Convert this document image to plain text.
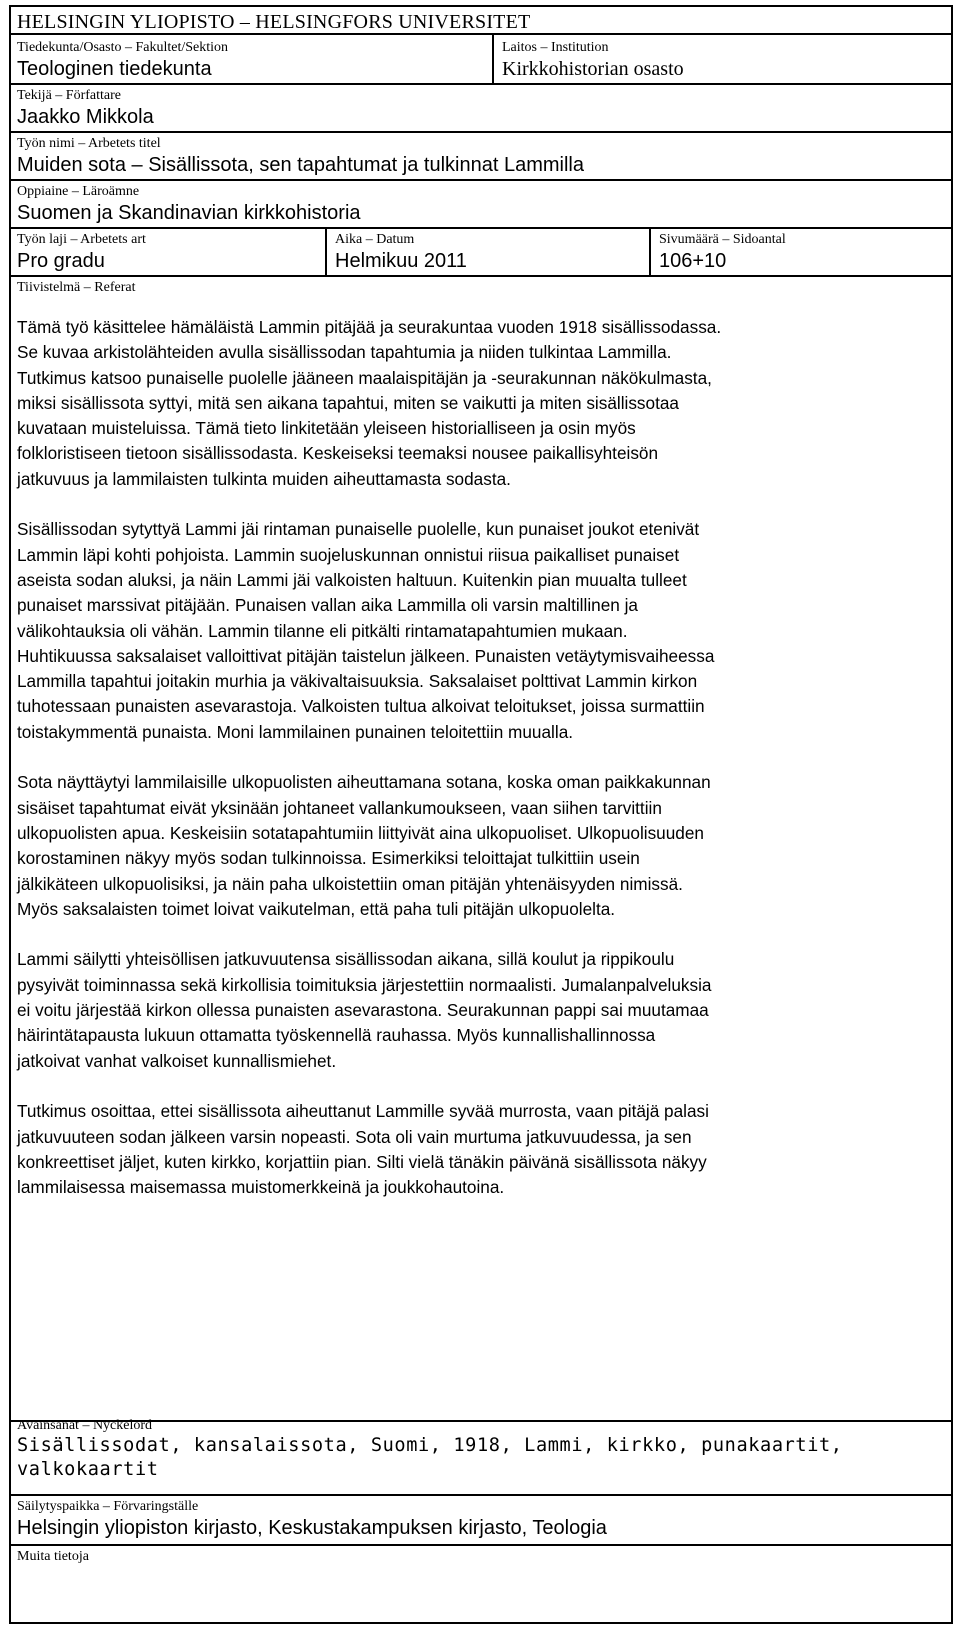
HELSINGIN YLIOPISTO – HELSINGFORS UNIVERSITET
Tiedekunta/Osasto – Fakultet/Sektion
Teologinen tiedekunta
Laitos – Institution
Kirkkohistorian osasto
Tekijä – Författare
Jaakko Mikkola
Työn nimi – Arbetets titel
Muiden sota – Sisällissota, sen tapahtumat ja tulkinnat Lammilla
Oppiaine – Läroämne
Suomen ja Skandinavian kirkkohistoria
Työn laji – Arbetets art
Pro gradu
Aika – Datum
Helmikuu 2011
Sivumäärä – Sidoantal
106+10
Tiivistelmä – Referat

Tämä työ käsittelee hämäläistä Lammin pitäjää ja seurakuntaa vuoden 1918 sisällissodassa.
Se kuvaa arkistolähteiden avulla sisällissodan tapahtumia ja niiden tulkintaa Lammilla.
Tutkimus katsoo punaiselle puolelle jääneen maalaispitäjän ja -seurakunnan näkökulmasta,
miksi sisällissota syttyi, mitä sen aikana tapahtui, miten se vaikutti ja miten sisällissotaa
kuvataan muisteluissa. Tämä tieto linkitetään yleiseen historialliseen ja osin myös
folkloristiseen tietoon sisällissodasta. Keskeiseksi teemaksi nousee paikallisyhteisön
jatkuvuus ja lammilaisten tulkinta muiden aiheuttamasta sodasta.

Sisällissodan sytyttyä Lammi jäi rintaman punaiselle puolelle, kun punaiset joukot etenivät
Lammin läpi kohti pohjoista. Lammin suojeluskunnan onnistui riisua paikalliset punaiset
aseista sodan aluksi, ja näin Lammi jäi valkoisten haltuun. Kuitenkin pian muualta tulleet
punaiset marssivat pitäjään. Punaisen vallan aika Lammilla oli varsin maltillinen ja
välikohtauksia oli vähän. Lammin tilanne eli pitkälti rintamatapahtumien mukaan.
Huhtikuussa saksalaiset valloittivat pitäjän taistelun jälkeen. Punaisten vetäytymisvaiheessa
Lammilla tapahtui joitakin murhia ja väkivaltaisuuksia. Saksalaiset polttivat Lammin kirkon
tuhotessaan punaisten asevarastoja. Valkoisten tultua alkoivat teloitukset, joissa surmattiin
toistakymmentä punaista. Moni lammilainen punainen teloitettiin muualla.

Sota näyttäytyi lammilaisille ulkopuolisten aiheuttamana sotana, koska oman paikkakunnan
sisäiset tapahtumat eivät yksinään johtaneet vallankumoukseen, vaan siihen tarvittiin
ulkopuolisten apua. Keskeisiin sotatapahtumiin liittyivät aina ulkopuoliset. Ulkopuolisuuden
korostaminen näkyy myös sodan tulkinnoissa. Esimerkiksi teloittajat tulkittiin usein
jälkikäteen ulkopuolisiksi, ja näin paha ulkoistettiin oman pitäjän yhtenäisyyden nimissä.
Myös saksalaisten toimet loivat vaikutelman, että paha tuli pitäjän ulkopuolelta.

Lammi säilytti yhteisöllisen jatkuvuutensa sisällissodan aikana, sillä koulut ja rippikoulu
pysyivät toiminnassa sekä kirkollisia toimituksia järjestettiin normaalisti. Jumalanpalveluksia
ei voitu järjestää kirkon ollessa punaisten asevarastona. Seurakunnan pappi sai muutamaa
häirintätapausta lukuun ottamatta työskennellä rauhassa. Myös kunnallishallinnossa
jatkoivat vanhat valkoiset kunnallismiehet.

Tutkimus osoittaa, ettei sisällissota aiheuttanut Lammille syvää murrosta, vaan pitäjä palasi
jatkuvuuteen sodan jälkeen varsin nopeasti. Sota oli vain murtuma jatkuvuudessa, ja sen
konkreettiset jäljet, kuten kirkko, korjattiin pian. Silti vielä tänäkin päivänä sisällissota näkyy
lammilaisessa maisemassa muistomerkkeinä ja joukkohautoina.

Avainsanat – Nyckelord
Sisällissodat, kansalaissota, Suomi, 1918, Lammi, kirkko, punakaartit,
valkokaartit
Säilytyspaikka – Förvaringställe
Helsingin yliopiston kirjasto, Keskustakampuksen kirjasto, Teologia
Muita tietoja
